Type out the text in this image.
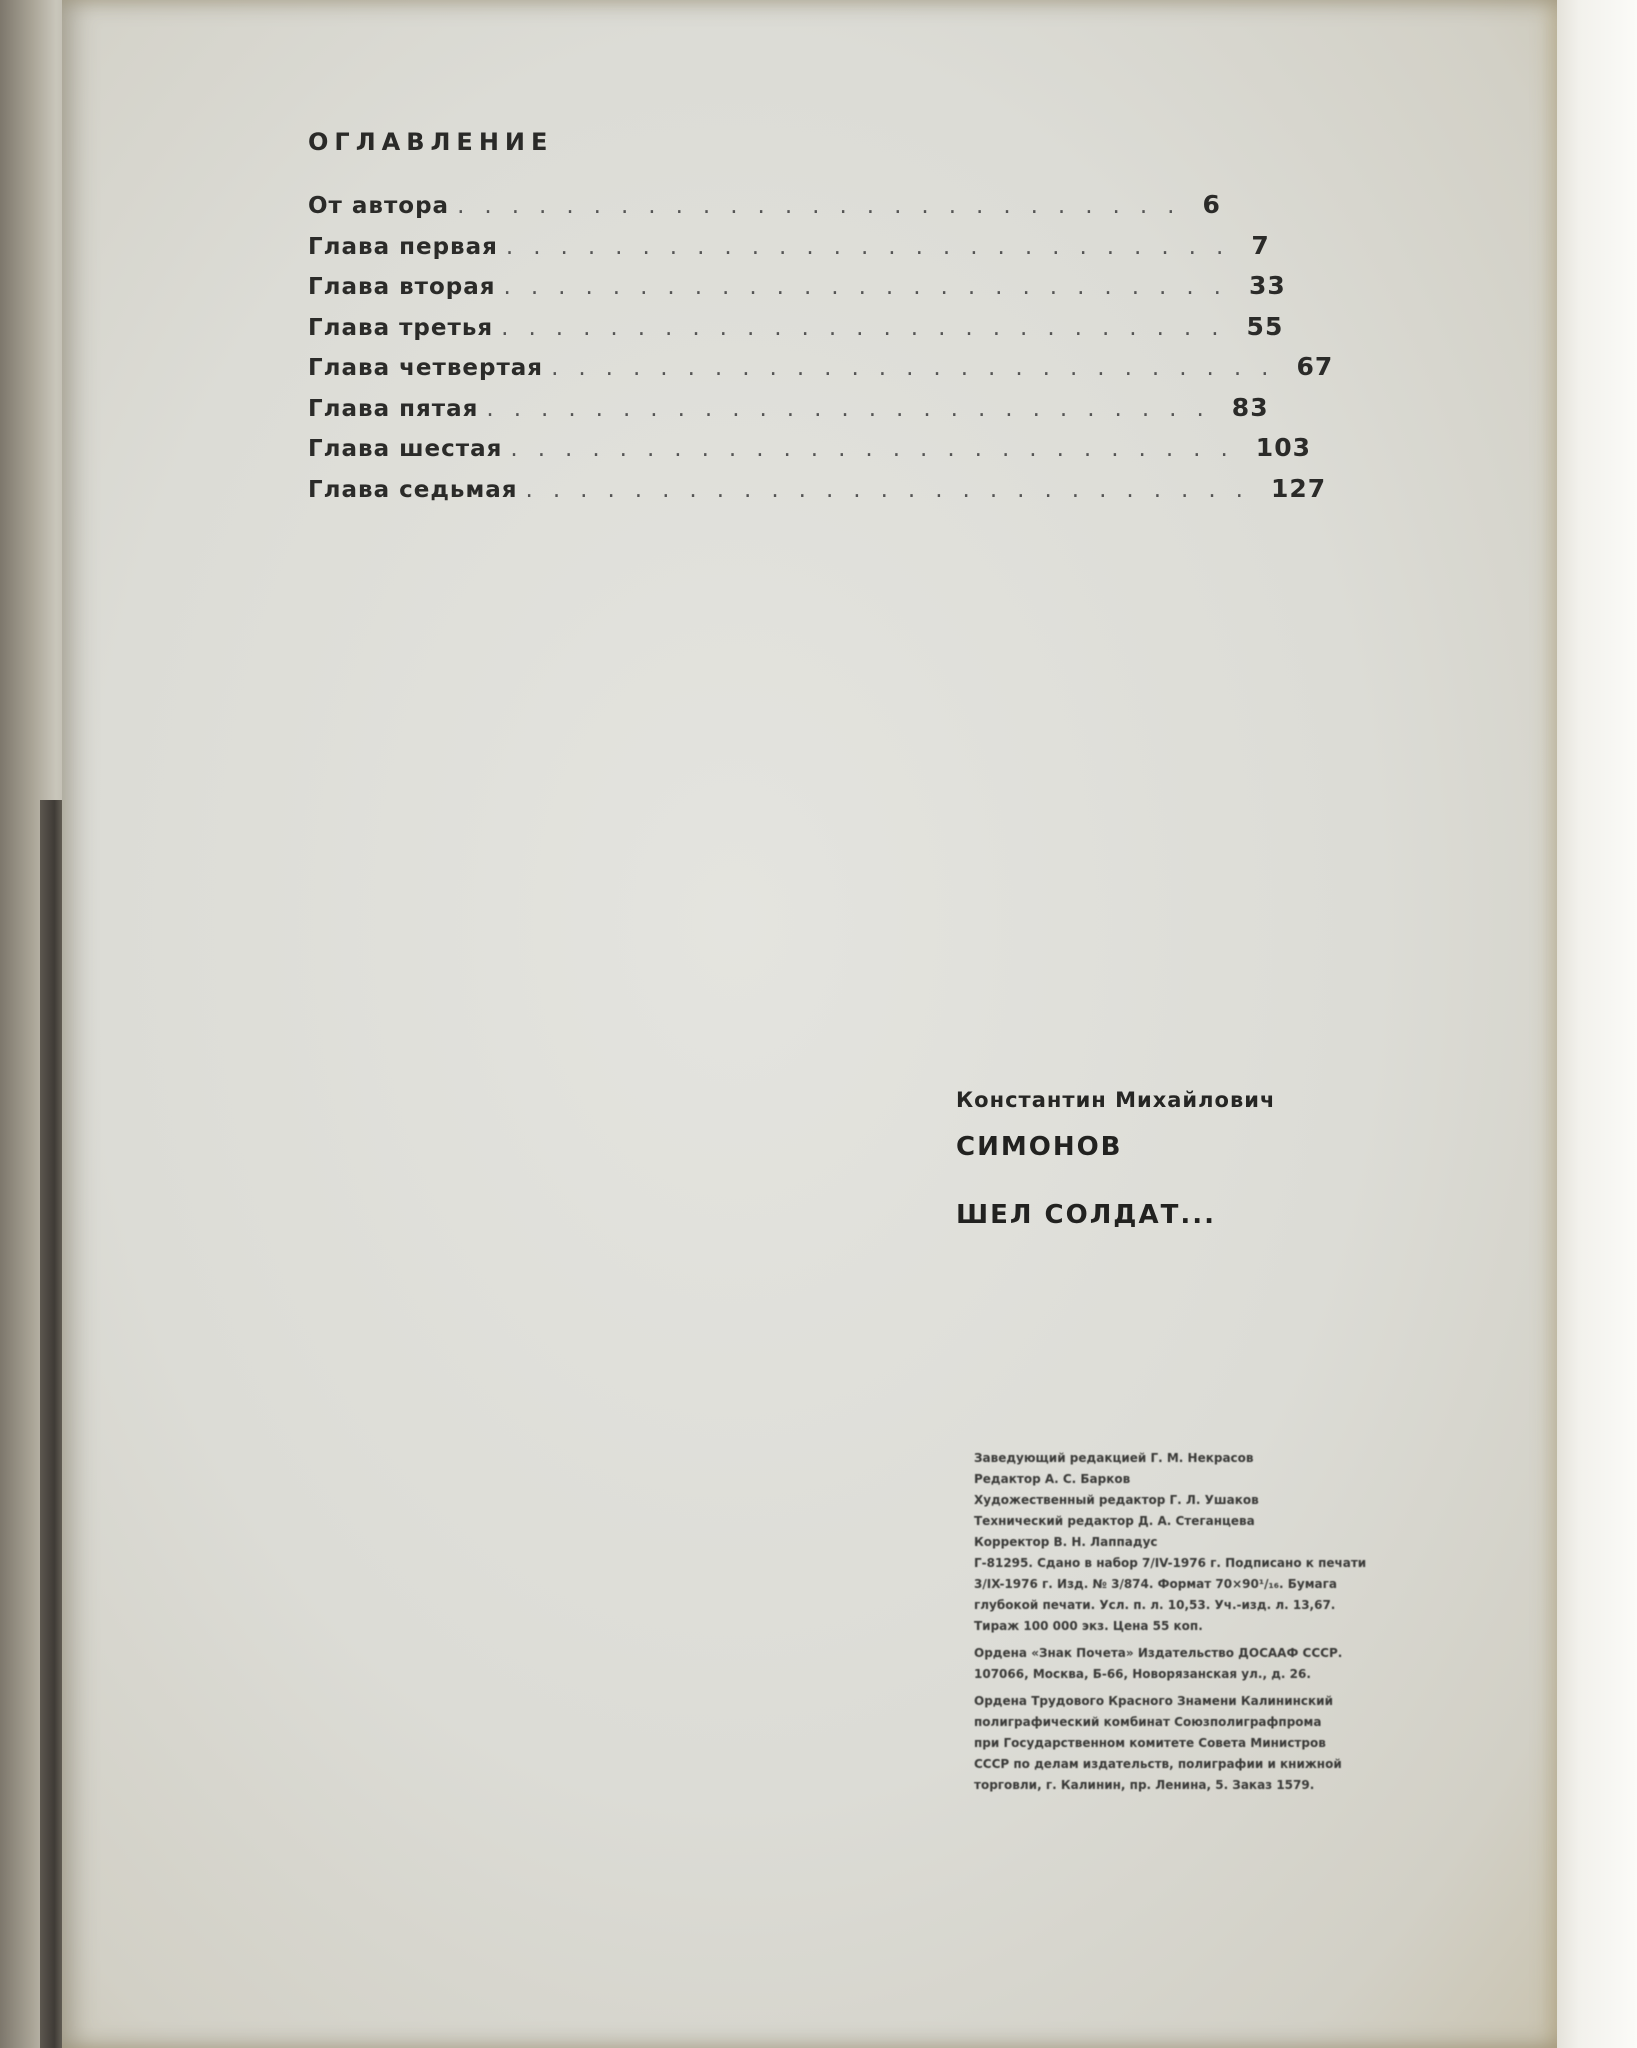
ОГЛАВЛЕНИЕ
От автора ........................... 6
Глава первая ........................... 7
Глава вторая ........................... 33
Глава третья ........................... 55
Глава четвертая ........................... 67
Глава пятая ........................... 83
Глава шестая ........................... 103
Глава седьмая ........................... 127
Константин Михайлович
СИМОНОВ
ШЕЛ СОЛДАТ...
Заведующий редакцией Г. М. Некрасов
Редактор А. С. Барков
Художественный редактор Г. Л. Ушаков
Технический редактор Д. А. Стеганцева
Корректор В. Н. Лаппадус
Г-81295. Сдано в набор 7/IV-1976 г. Подписано к печати
3/IX-1976 г. Изд. № 3/874. Формат 70×90¹/₁₆. Бумага
глубокой печати. Усл. п. л. 10,53. Уч.-изд. л. 13,67.
Тираж 100 000 экз. Цена 55 коп.
Ордена «Знак Почета» Издательство ДОСААФ СССР.
107066, Москва, Б-66, Новорязанская ул., д. 26.
Ордена Трудового Красного Знамени Калининский
полиграфический комбинат Союзполиграфпрома
при Государственном комитете Совета Министров
СССР по делам издательств, полиграфии и книжной
торговли, г. Калинин, пр. Ленина, 5. Заказ 1579.
